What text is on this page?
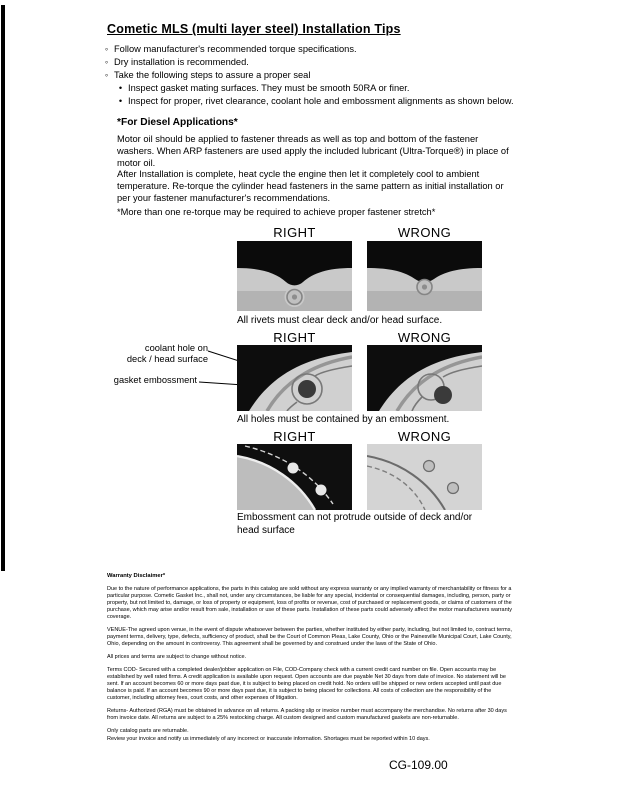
Cometic MLS (multi layer steel) Installation Tips
◦ Follow manufacturer's recommended torque specifications.
◦ Dry installation is recommended.
◦ Take the following steps to assure a proper seal
• Inspect gasket mating surfaces. They must be smooth 50RA or finer.
• Inspect for proper, rivet clearance, coolant hole and embossment alignments as shown below.
*For Diesel Applications*
Motor oil should be applied to fastener threads as well as top and bottom of the fastener washers. When ARP fasteners are used apply the included lubricant (Ultra-Torque®) in place of motor oil.
After Installation is complete, heat cycle the engine then let it completely cool to ambient temperature. Re-torque the cylinder head fasteners in the same pattern as initial installation or per your fastener manufacturer's recommendations.
*More than one re-torque may be required to achieve proper fastener stretch*
RIGHT	WRONG
All rivets must clear deck and/or head surface.
RIGHT	WRONG
coolant hole on
deck / head surface
gasket embossment
All holes must be contained by an embossment.
RIGHT	WRONG
Embossment can not protrude outside of deck and/or head surface
Warranty Disclaimer*

Due to the nature of performance applications, the parts in this catalog are sold without any express warranty or any implied warranty of merchantability or fitness for a particular purpose. Cometic Gasket Inc., shall not, under any circumstances, be liable for any special, incidental or consequential damages, including, person, party or property, but not limited to, damage, or loss of property or equipment, loss of profits or revenue, cost of purchased or replacement goods, or claims of customers of the purchase, which may arise and/or result from sale, installation or use of these parts. Installation of these parts could adversely affect the motor manufacturers warranty coverage.

VENUE-The agreed upon venue, in the event of dispute whatsoever between the parties, whether instituted by either party, including, but not limited to, contract terms, payment terms, delivery, type, defects, sufficiency of product, shall be the Court of Common Pleas, Lake County, Ohio or the Painesville Municipal Court, Lake County, Ohio, depending on the amount in controversy. This agreement shall be governed by and construed under the laws of the State of Ohio.

All prices and terms are subject to change without notice.

Terms COD- Secured with a completed dealer/jobber application on File, COD-Company check with a current credit card number on file. Open accounts may be established by well rated firms. A credit application is available upon request. Open accounts are due payable Net 30 days from date of invoice. No statement will be sent. If an account becomes 60 or more days past due, it is subject to being placed on credit hold. No orders will be shipped or new orders accepted until past due balance is paid. If an account becomes 90 or more days past due, it is subject to being placed for collections. All costs of collection are the responsibility of the customer, including attorney fees, court costs, and other expenses of litigation.

Returns- Authorized (RGA) must be obtained in advance on all returns. A packing slip or invoice number must accompany the merchandise. No returns after 30 days from invoice date. All returns are subject to a 25% restocking charge. All custom designed and custom manufactured gaskets are non-returnable.

Only catalog parts are returnable.

Review your invoice and notify us immediately of any incorrect or inaccurate information. Shortages must be reported within 10 days.

CG-109.00
